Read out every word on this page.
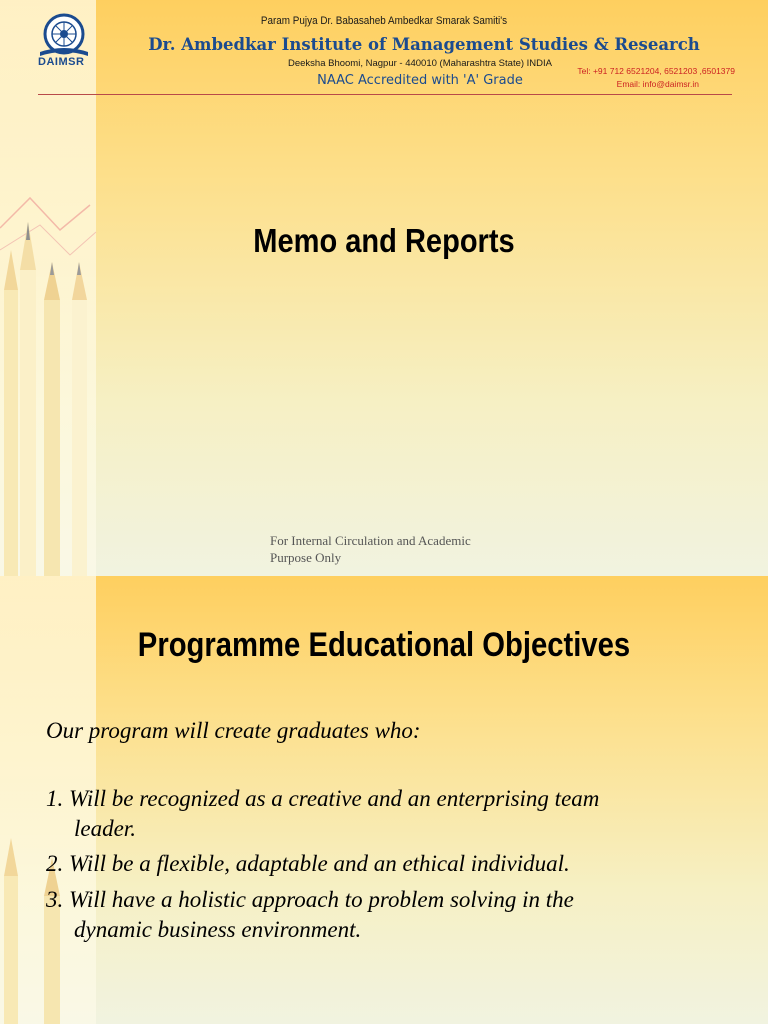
DAIMSR
Param Pujya Dr. Babasaheb Ambedkar Smarak Samiti's
Dr. Ambedkar Institute of Management Studies & Research
Deeksha Bhoomi, Nagpur - 440010 (Maharashtra State) INDIA
NAAC Accredited with 'A' Grade
Tel: +91 712 6521204, 6521203 ,6501379
Email: info@daimsr.in
Memo and Reports
For Internal Circulation and Academic
Purpose Only
Programme Educational Objectives
Our program will create graduates who:
1. Will be recognized as a creative and an enterprising team
leader.
2. Will be a flexible, adaptable and an ethical individual.
3. Will have a holistic approach to problem solving in the
dynamic business environment.
